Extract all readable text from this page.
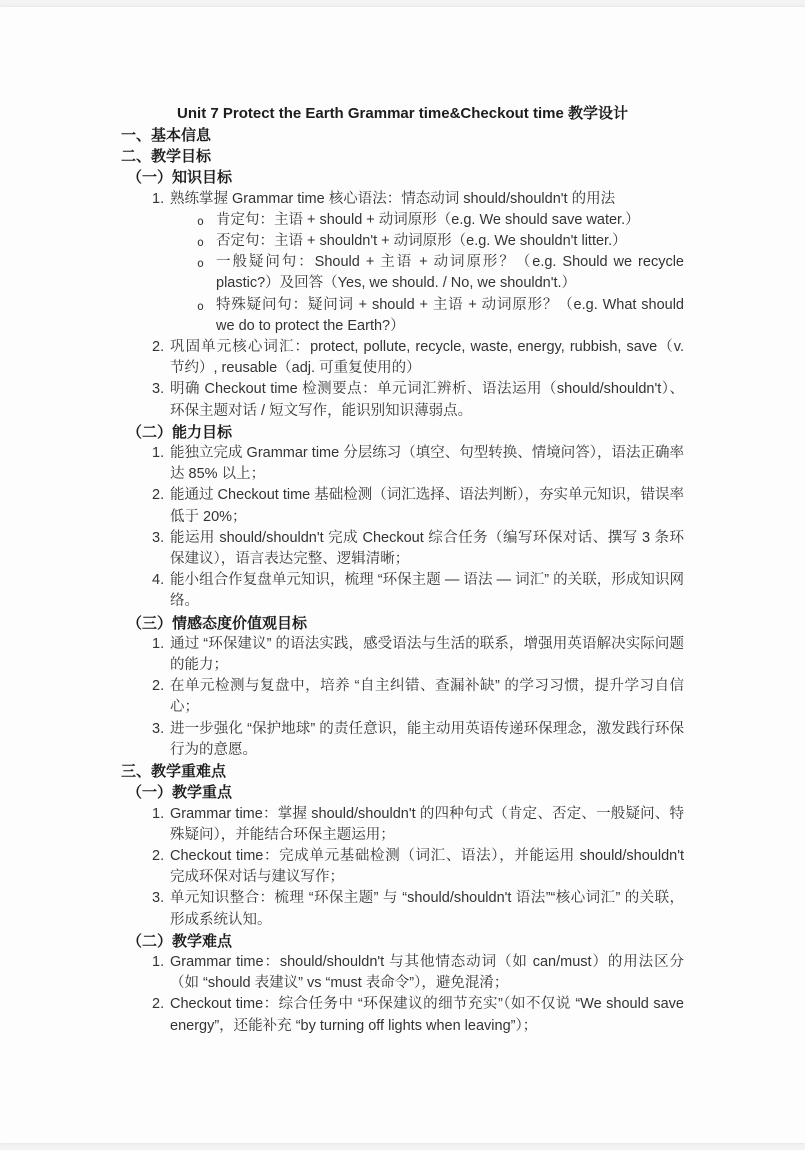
Unit 7 Protect the Earth Grammar time&Checkout time 教学设计
一、基本信息
二、教学目标
（一）知识目标
1. 熟练掌握 Grammar time 核心语法：情态动词 should/shouldn't 的用法
o 肯定句：主语 + should + 动词原形（e.g. We should save water.）
o 否定句：主语 + shouldn't + 动词原形（e.g. We shouldn't litter.）
o 一般疑问句：Should + 主语 + 动词原形？（e.g. Should we recycle plastic?）及回答（Yes, we should. / No, we shouldn't.）
o 特殊疑问句：疑问词 + should + 主语 + 动词原形？（e.g. What should we do to protect the Earth?）
2. 巩固单元核心词汇：protect, pollute, recycle, waste, energy, rubbish, save（v. 节约）, reusable（adj. 可重复使用的）
3. 明确 Checkout time 检测要点：单元词汇辨析、语法运用（should/shouldn't）、环保主题对话 / 短文写作，能识别知识薄弱点。
（二）能力目标
1. 能独立完成 Grammar time 分层练习（填空、句型转换、情境问答），语法正确率达 85% 以上；
2. 能通过 Checkout time 基础检测（词汇选择、语法判断），夯实单元知识，错误率低于 20%；
3. 能运用 should/shouldn't 完成 Checkout 综合任务（编写环保对话、撰写 3 条环保建议），语言表达完整、逻辑清晰；
4. 能小组合作复盘单元知识，梳理 “环保主题 — 语法 — 词汇” 的关联，形成知识网络。
（三）情感态度价值观目标
1. 通过 “环保建议” 的语法实践，感受语法与生活的联系，增强用英语解决实际问题的能力；
2. 在单元检测与复盘中，培养 “自主纠错、查漏补缺” 的学习习惯，提升学习自信心；
3. 进一步强化 “保护地球” 的责任意识，能主动用英语传递环保理念，激发践行环保行为的意愿。
三、教学重难点
（一）教学重点
1. Grammar time：掌握 should/shouldn't 的四种句式（肯定、否定、一般疑问、特殊疑问），并能结合环保主题运用；
2. Checkout time：完成单元基础检测（词汇、语法），并能运用 should/shouldn't 完成环保对话与建议写作；
3. 单元知识整合：梳理 “环保主题” 与 “should/shouldn't 语法”“核心词汇” 的关联，形成系统认知。
（二）教学难点
1. Grammar time：should/shouldn't 与其他情态动词（如 can/must）的用法区分（如 “should 表建议” vs “must 表命令”），避免混淆；
2. Checkout time：综合任务中 “环保建议的细节充实”（如不仅说 “We should save energy”，还能补充 “by turning off lights when leaving”）；
